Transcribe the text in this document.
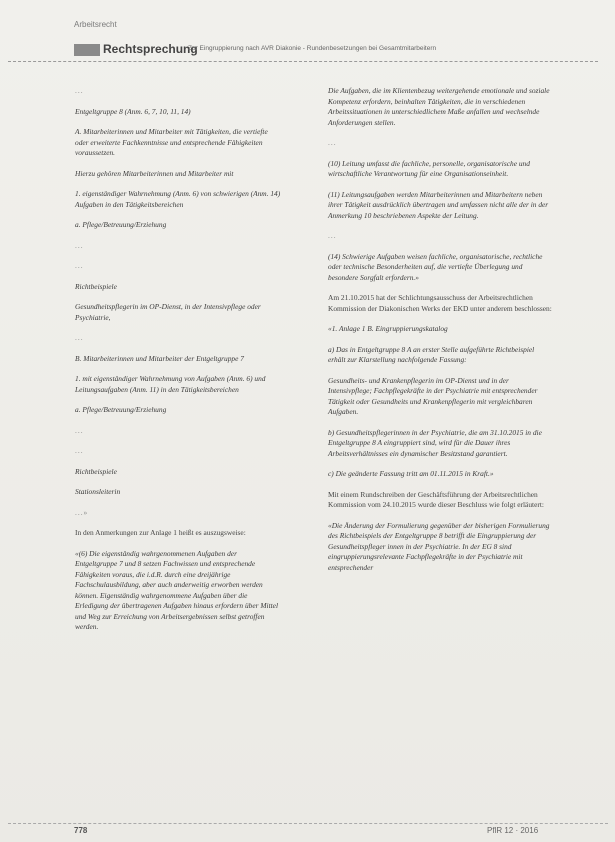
Arbeitsrecht
Rechtsprechung
Zur Eingruppierung nach AVR Diakonie - Rundenbesetzungen bei Gesamtmitarbeitern

...

Entgeltgruppe 8 (Anm. 6, 7, 10, 11, 14)

A. Mitarbeiterinnen und Mitarbeiter mit Tätigkeiten, die vertiefte oder erweiterte Fachkenntnisse und entsprechende Fähigkeiten voraussetzen.

Hierzu gehören Mitarbeiterinnen und Mitarbeiter mit

1. eigenständiger Wahrnehmung (Anm. 6) von schwierigen (Anm. 14) Aufgaben in den Tätigkeitsbereichen

a. Pflege/Betreuung/Erziehung

...

...

Richtbeispiele

Gesundheitspflegerin im OP-Dienst, in der Intensivpflege oder Psychiatrie,

...

B. Mitarbeiterinnen und Mitarbeiter der Entgeltgruppe 7

1. mit eigenständiger Wahrnehmung von Aufgaben (Anm. 6) und Leitungsaufgaben (Anm. 11) in den Tätigkeitsbereichen

a. Pflege/Betreuung/Erziehung

...

...

Richtbeispiele

Stationsleiterin

...»

In den Anmerkungen zur Anlage 1 heißt es auszugsweise:

«(6) Die eigenständig wahrgenommenen Aufgaben der Entgeltgruppe 7 und 8 setzen Fachwissen und entsprechende Fähigkeiten voraus, die i.d.R. durch eine dreijährige Fachschulausbildung, aber auch anderweitig erworben werden können. Eigenständig wahrgenommene Aufgaben über die Erledigung der übertragenen Aufgaben hinaus erfordern über Mittel und Weg zur Erreichung von Arbeitsergebnissen selbst getroffen werden.

Die Aufgaben, die im Klientenbezug weitergehende emotionale und soziale Kompetenz erfordern, beinhalten Tätigkeiten, die in verschiedenen Arbeitssituationen in unterschiedlichem Maße anfallen und wechselnde Anforderungen stellen.

...

(10) Leitung umfasst die fachliche, personelle, organisatorische und wirtschaftliche Verantwortung für eine Organisationseinheit.

(11) Leitungsaufgaben werden Mitarbeiterinnen und Mitarbeitern neben ihrer Tätigkeit ausdrücklich übertragen und umfassen nicht alle der in der Anmerkung 10 beschriebenen Aspekte der Leitung.

...

(14) Schwierige Aufgaben weisen fachliche, organisatorische, rechtliche oder technische Besonderheiten auf, die vertiefte Überlegung und besondere Sorgfalt erfordern.»

Am 21.10.2015 hat der Schlichtungsausschuss der Arbeitsrechtlichen Kommission der Diakonischen Werks der EKD unter anderem beschlossen:

«1. Anlage 1 B. Eingruppierungskatalog

a) Das in Entgeltgruppe 8 A an erster Stelle aufgeführte Richtbeispiel erhält zur Klarstellung nachfolgende Fassung:

Gesundheits- und Krankenpflegerin im OP-Dienst und in der Intensivpflege; Fachpflegekräfte in der Psychiatrie mit entsprechender Tätigkeit oder Gesundheits und Krankenpflegerin mit vergleichbaren Aufgaben.

b) Gesundheitspflegerinnen in der Psychiatrie, die am 31.10.2015 in die Entgeltgruppe 8 A eingruppiert sind, wird für die Dauer ihres Arbeitsverhältnisses ein dynamischer Besitzstand garantiert.

c) Die geänderte Fassung tritt am 01.11.2015 in Kraft.»

Mit einem Rundschreiben der Geschäftsführung der Arbeitsrechtlichen Kommission vom 24.10.2015 wurde dieser Beschluss wie folgt erläutert:

«Die Änderung der Formulierung gegenüber der bisherigen Formulierung des Richtbeispiels der Entgeltgruppe 8 betrifft die Eingruppierung der Gesundheitspfleger innen in der Psychiatrie. In der EG 8 sind eingruppierungsrelevante Fachpflegekräfte in der Psychiatrie mit entsprechender

778	PflR 12 · 2016
